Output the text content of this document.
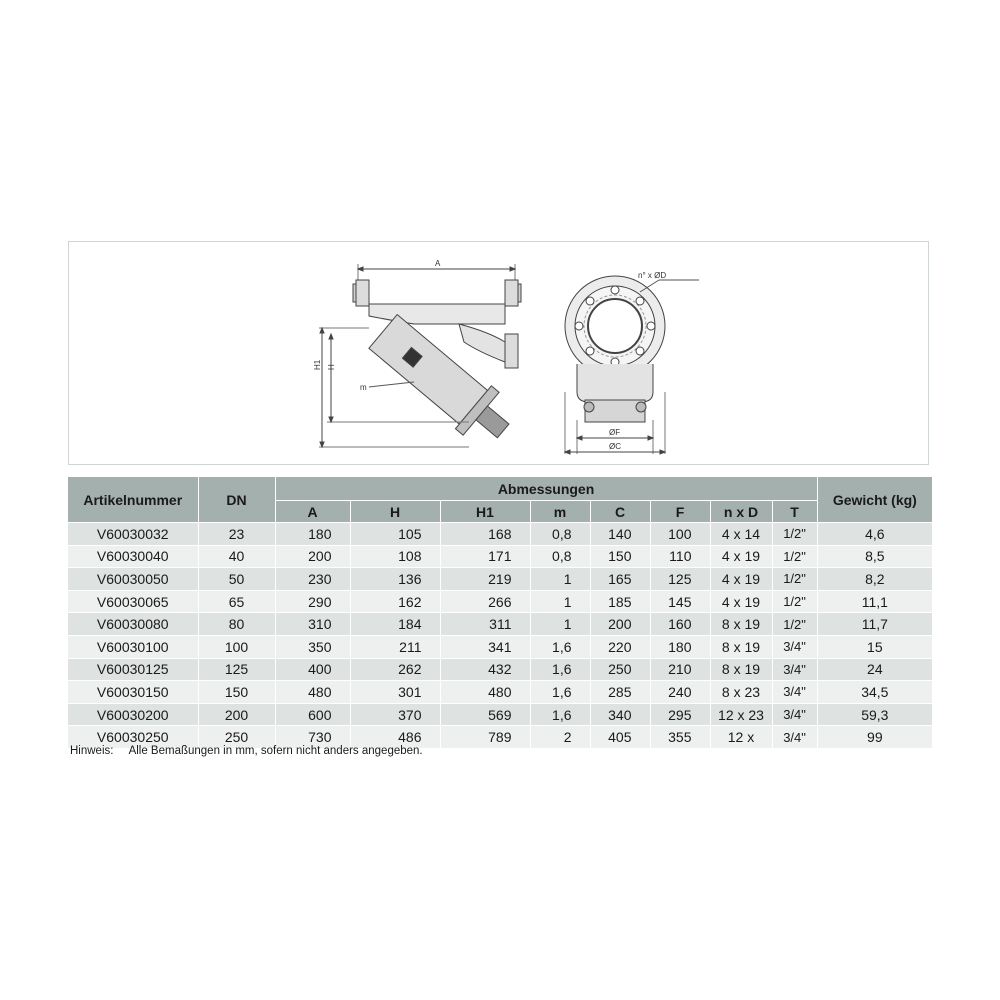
A
H1 H
m
n° x ØD
ØF
ØC
Artikelnummer	DN	Abmessungen								Gewicht (kg)
		A	H	H1	m	C	F	n x D	T	
V60030032	23	180	105	168	0,8	140	100	4 x 14	1/2"	4,6
V60030040	40	200	108	171	0,8	150	110	4 x 19	1/2"	8,5
V60030050	50	230	136	219	1	165	125	4 x 19	1/2"	8,2
V60030065	65	290	162	266	1	185	145	4 x 19	1/2"	11,1
V60030080	80	310	184	311	1	200	160	8 x 19	1/2"	11,7
V60030100	100	350	211	341	1,6	220	180	8 x 19	3/4"	15
V60030125	125	400	262	432	1,6	250	210	8 x 19	3/4"	24
V60030150	150	480	301	480	1,6	285	240	8 x 23	3/4"	34,5
V60030200	200	600	370	569	1,6	340	295	12 x 23	3/4"	59,3
V60030250	250	730	486	789	2	405	355	12 x	3/4"	99
Hinweis: Alle Bemaßungen in mm, sofern nicht anders angegeben.
